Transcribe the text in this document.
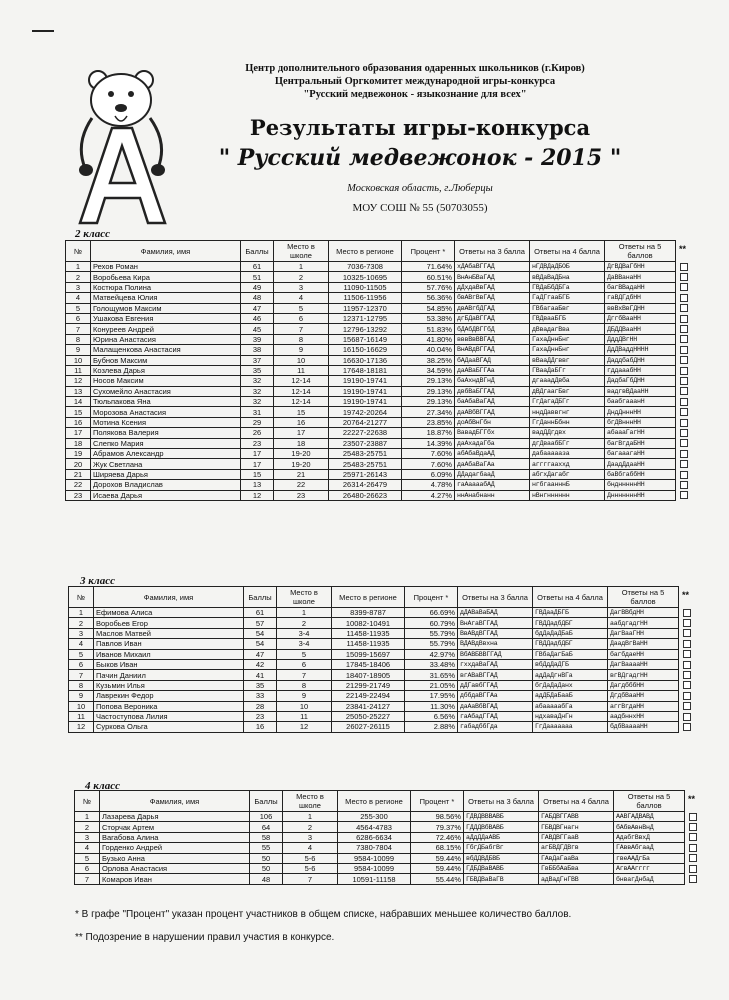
Центр дополнительного образования одаренных школьников (г.Киров)
Центральный Оргкомитет международной игры-конкурса
"Русский медвежонок - языкознание для всех"
Результаты игры-конкурса
" Русский медвежонок - 2015 "
Московская область, г.Люберцы
МОУ СОШ № 55 (50703055)
2 класс
№	Фамилия, имя	Баллы	Место в школе	Место в регионе	Процент *	Ответы на 3 балла	Ответы на 4 балла	Ответы на 5 баллов
1	Рехов Роман	61	1	7036-7308	71.64%	хДАбаВГГАД	нГДВДаДБОБ	ДгВДВаГбНН
2	Воробьева Кира	51	2	10325-10695	60.51%	ВнАнБВаГАД	вВДаВаДБна	ДаВВанаНН
3	Костюра Полина	49	3	11090-11505	57.76%	дДхдаВвГАД	ГВДаБбДБГа	багВВадаНН
4	Матвейцева Юлия	48	4	11506-11956	56.36%	бвАВгВвГАД	ГаДГгааБГБ	гаВДГдбНН
5	Голощумов Максим	47	5	11957-12370	54.85%	двАВгбДГАД	ГВбагааБвг	ввВхВвГДНН
6	Ушакова Евгения	46	6	12371-12795	53.38%	дгБДаВГГАД	ГВДвааБГБ	ДггбВааНН
7	Конуреев Андрей	45	7	12796-13292	51.83%	бДАбДВГГбД	дВвадагВва	ДБДДВааНН
8	Юрина Анастасия	39	8	15687-16149	41.80%	вввВвВВГАД	ГахаДннБнг	ДддДВгНН
9	Малащенкова Анастасия	38	9	16150-16629	40.04%	ВнАВдВГГАД	ГахаДннБнг	ДдДВаддНННН
10	Бубнов Максим	37	10	16630-17136	38.25%	бАДааВГАД	вВааДДгввг	ДаддбабДНН
11	Козлева Дарья	35	11	17648-18181	34.59%	даАВаБГГАа	ГВааДаБГг	гддааабНН
12	Носов Максим	32	12-14	19190-19741	29.13%	баАхндВГнД	дгааадДвба	ДадбаГбДНН
13	Сухомейло Анастасия	32	12-14	19190-19741	29.13%	двбВаБГГАД	дВДгаагБвг	вадгвВДааНН
14	Тюльпакова Яна	32	12-14	19190-19741	29.13%	баАбаВаГАД	ГгДагаДБГг	баабгааанН
15	Морозова Анастасия	31	15	19742-20264	27.34%	даАВбВГГАД	нндДаввгнг	ДндДнннНН
16	Мотина Ксения	29	16	20764-21277	23.85%	доАбВнГбн	ГгДаннБбнн	бгДВнннНН
17	Полякова Валерия	26	17	22227-22638	18.87%	ВавадБГГбх	вадДДгдвх	абаааГагНН
18	Слепко Мария	23	18	23507-23887	14.39%	даАхадаГба	дгДваабБГг	багВгдаБНН
19	Абрамов Александр	17	19-20	25483-25751	7.60%	абАбаВдаАД	дабаааааза	багааагаНН
20	Жук Светлана	17	19-20	25483-25751	7.60%	даАбаВаГАа	аггггааххд	ДаадДдааНН
21	Ширяева Дарья	15	21	25971-26143	6.09%	ДДадагбааД	абгхДагабг	баВбгаббНН
22	Дорохов Владислав	13	22	26314-26479	4.78%	гаАаааабАД	нгбгаанннБ	бнднннннНН
23	Исаева Дарья	12	23	26480-26623	4.27%	ннАнабнанн	нВнгнннннн	ДнннннннНН
3 класс
№	Фамилия, имя	Баллы	Место в школе	Место в регионе	Процент *	Ответы на 3 балла	Ответы на 4 балла	Ответы на 5 баллов
1	Ефимова Алиса	61	1	8399-8787	66.69%	дДАВаВаБАД	ГВДааДБГБ	ДагВВбдНН
2	Воробьев Егор	57	2	10082-10491	60.79%	ВнАгаВГГАД	ГВДДадбДБГ	аабдгадгНН
3	Маслов Матвей	54	3-4	11458-11935	55.79%	ВвАВдВГГАД	бдДаДаДБаБ	ДагВааГНН
4	Павлов Иван	54	3-4	11458-11935	55.79%	ВДАВдВвхна	ГВДДадбДБГ	ДаадВгВаНН
5	Иванов Михаил	47	5	15099-15697	42.97%	ВбАВБВВГГАД	ГВбаДагБаБ	багбдаеНН
6	Быков Иван	42	6	17845-18406	33.48%	гххдаВаГАД	вбДдДаДГБ	ДагВааааНН
7	Пачин Даниил	41	7	18407-18905	31.65%	вгАВаВГГАД	адДаДгнВГа	вгВДгадгНН
8	Кузьмин Илья	35	8	21299-21749	21.05%	дДГавбГГАД	бгДаДаДанх	ДагдбббНН
9	Лаврекин Федор	33	9	22149-22494	17.95%	дббдаВГГАа	адДБДаБааБ	ДгдбВааНН
10	Попова Вероника	28	10	23841-24127	11.30%	даАаВбВГАД	абааааабГа	аггВгдаНН
11	Частоступова Лилия	23	11	25050-25227	6.56%	гаАбадГГАД	ндхаваДнГн	аадбннхНН
12	Суркова Ольга	16	12	26027-26115	2.88%	габадббГда	ГгДааааааа	бдбВааааНН
4 класс
№	Фамилия, имя	Баллы	Место в школе	Место в регионе	Процент *	Ответы на 3 балла	Ответы на 4 балла	Ответы на 5 баллов
1	Лазарева Дарья	106	1	255-300	98.56%	ГДВДВВВАВБ	ГАБДВГГАВВ	ААВГАДВАВД
2	Сторчак Артем	64	2	4564-4783	79.37%	ГДДДВбВАВБ	ГБВДВГнагн	бАбвАвнВнД
3	Вагабова Алина	58	3	6286-6634	72.46%	аДдДДаАВБ	ГАВДВГГааВ	АдабгВвхД
4	Горденко Андрей	55	4	7380-7804	68.15%	ГбгДБабгВг	агБВДГДВгв	ГАввАбгааД
5	Бузько Анна	50	5-6	9584-10099	59.44%	вбДДВДБВБ	ГАвДаГааВа	гвеААДгБа
6	Орлова Анастасия	50	5-6	9584-10099	59.44%	ГДБДВаВАВБ	ГвББбАаБва	АгвААгггг
7	Комаров Иван	48	7	10591-11158	55.44%	ГБВДВаВаГВ	адВадГнГВВ	бнвагДнбаД
**
**
**
* В графе "Процент" указан процент участников в общем списке, набравших меньшее количество баллов.
** Подозрение в нарушении правил участия в конкурсе.
